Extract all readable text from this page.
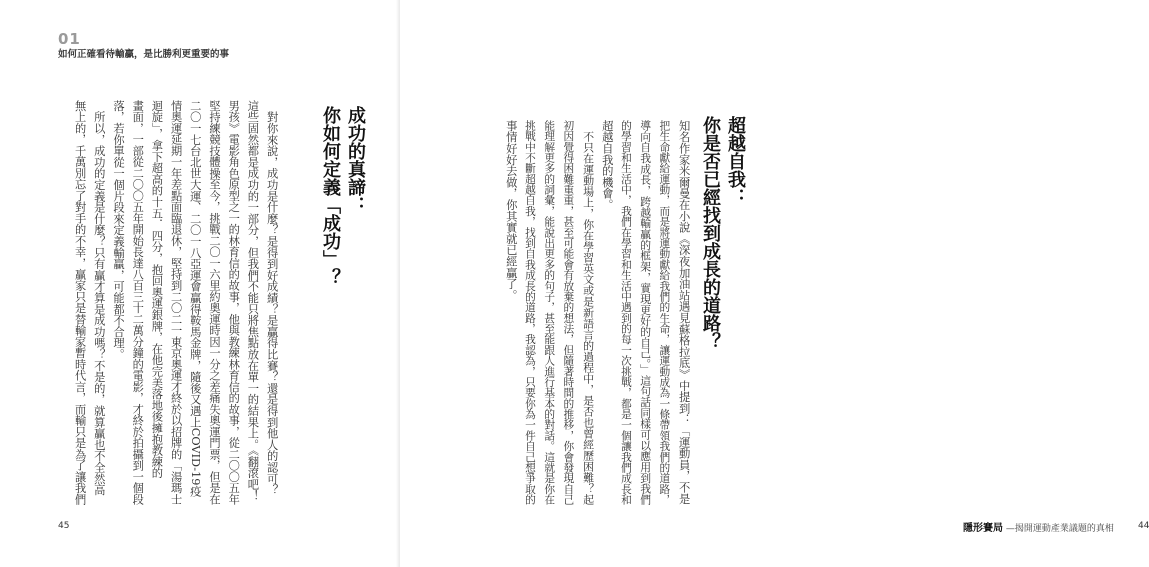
01
如何正確看待輸贏，是比勝利更重要的事
　對你來說，成功是什麼？是得到好成績？是贏得比賽？還是得到他人的認可？
這些固然都是成功的一部分，但我們不能只將焦點放在單一的結果上。《翻滾吧！
男孩》電影角色原型之一的林育信的故事，他與教練林育信的故事，從二〇〇五年
堅持練競技體操至今，挑戰二〇一六里約奧運時因一分之差痛失奧運門票，但是在
二〇一七台北世大運、二〇一八亞運會贏得鞍馬金牌，隨後又遇上COVID-19疫
情奧運延期一年差點面臨退休，堅持到二〇二一東京奧運才終於以招牌的「湯瑪士
迴旋」，拿下超高的十五．四分，抱回奧運銀牌，在他完美落地後擁抱教練的
畫面，一部從二〇〇五年開始長達八百三十二萬分鐘的電影，才終於拍攝到一個段
落，若你單從一個片段來定義輸贏，可能都不合理。
　所以，成功的定義是什麼？只有贏才算是成功嗎？不是的，就算贏也不全然高
無上的，千萬別忘了對手的不幸，贏家只是替輸家暫時代言，而輸只是為了讓我們	成功的真諦：
你如何定義「成功」？
45
知名作家米爾曼在小說《深夜加油站遇見蘇格拉底》中提到：「運動員，不是
把生命獻給運動，而是將運動獻給我們的生命，讓運動成為一條帶領我們的道路，
導向自我成長，跨越輸贏的框架，實現更好的自己。」這句話同樣可以應用到我們
的學習和生活中，我們在學習和生活中遇到的每一次挑戰，都是一個讓我們成長和
超越自我的機會。
　不只在運動場上，你在學習英文或是新語言的過程中，是否也曾經歷困難？起
初因覺得困難重重，甚至可能會有放棄的想法，但隨著時間的推移，你會發現自己
能理解更多的詞彙，能說出更多的句子，甚至能跟人進行基本的對話。這就是你在
挑戰中不斷超越自我，找到自我成長的道路，我認為，只要你為一件自己想爭取的
事情好好去做，你其實就已經贏了。	超越自我：
你是否已經找到成長的道路？
隱形賽局 —揭開運動產業議題的真相	44
